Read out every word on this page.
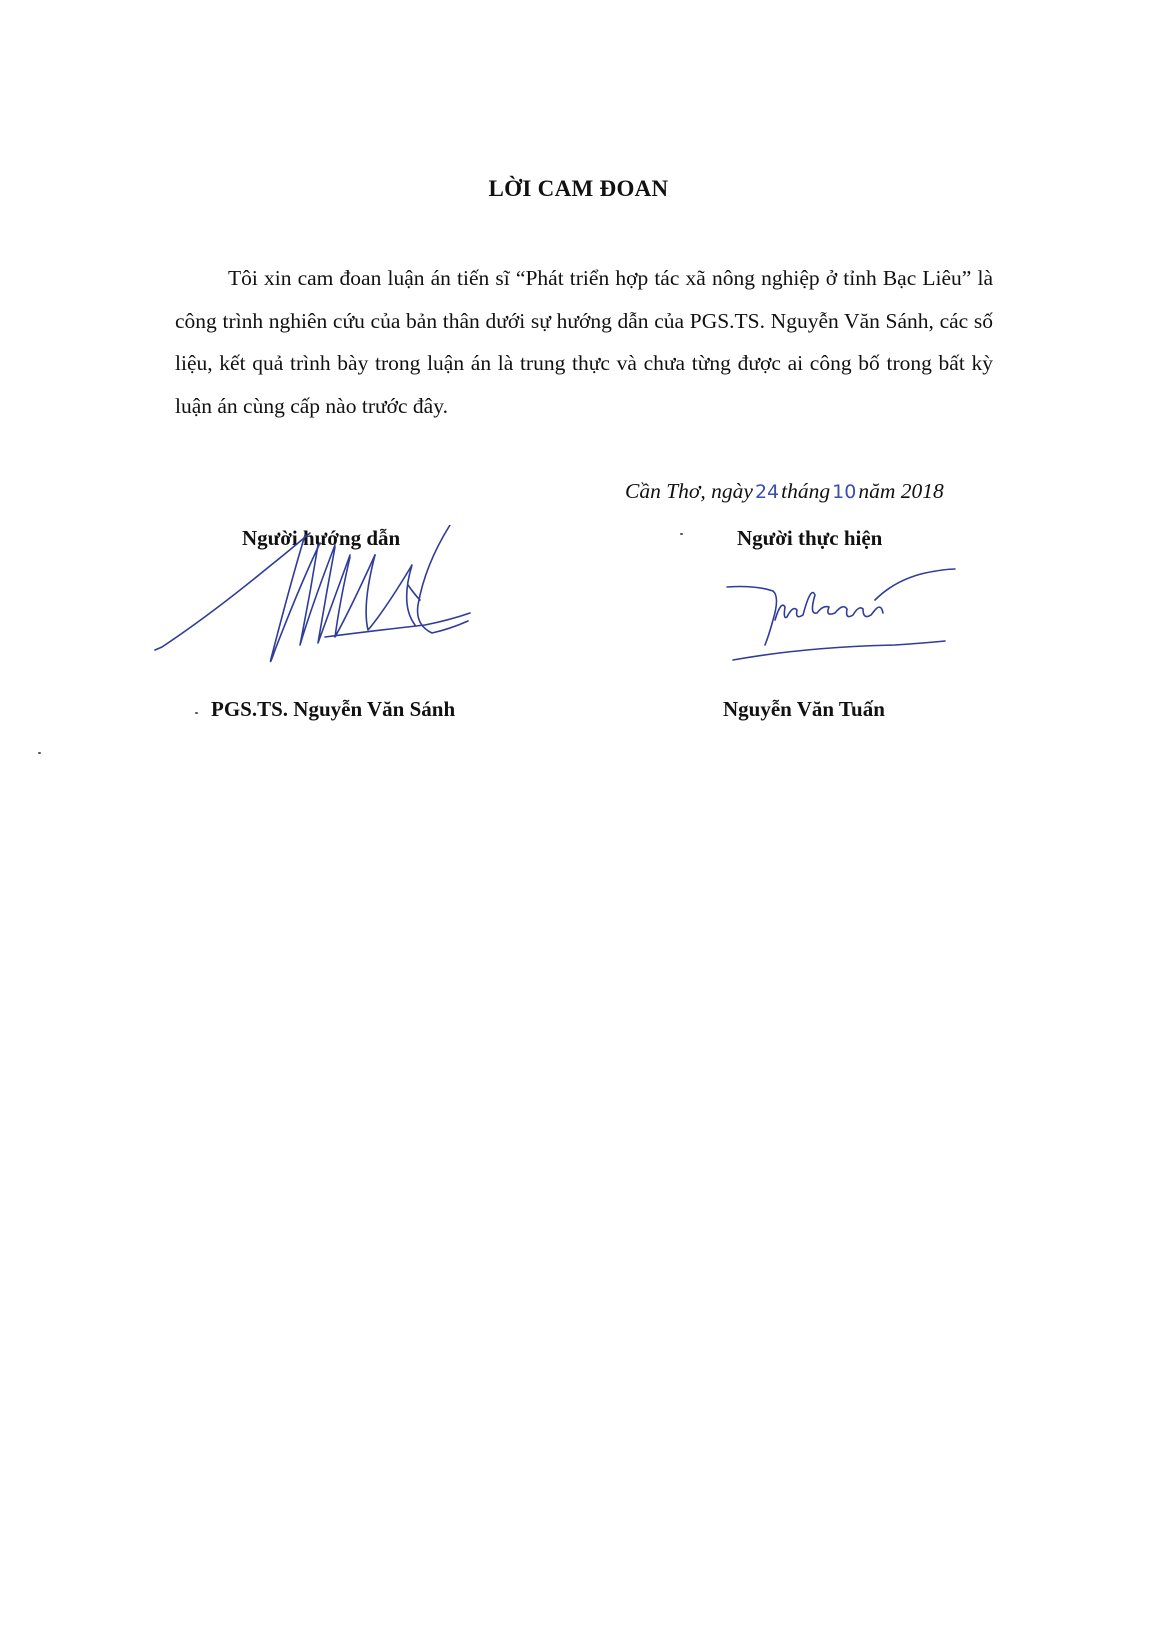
LỜI CAM ĐOAN
Tôi xin cam đoan luận án tiến sĩ “Phát triển hợp tác xã nông nghiệp ở tỉnh Bạc Liêu” là công trình nghiên cứu của bản thân dưới sự hướng dẫn của PGS.TS. Nguyễn Văn Sánh, các số liệu, kết quả trình bày trong luận án là trung thực và chưa từng được ai công bố trong bất kỳ luận án cùng cấp nào trước đây.
Cần Thơ, ngày 24tháng 10năm 2018
Người hướng dẫn	Người thực hiện
PGS.TS. Nguyễn Văn Sánh	Nguyễn Văn Tuấn
